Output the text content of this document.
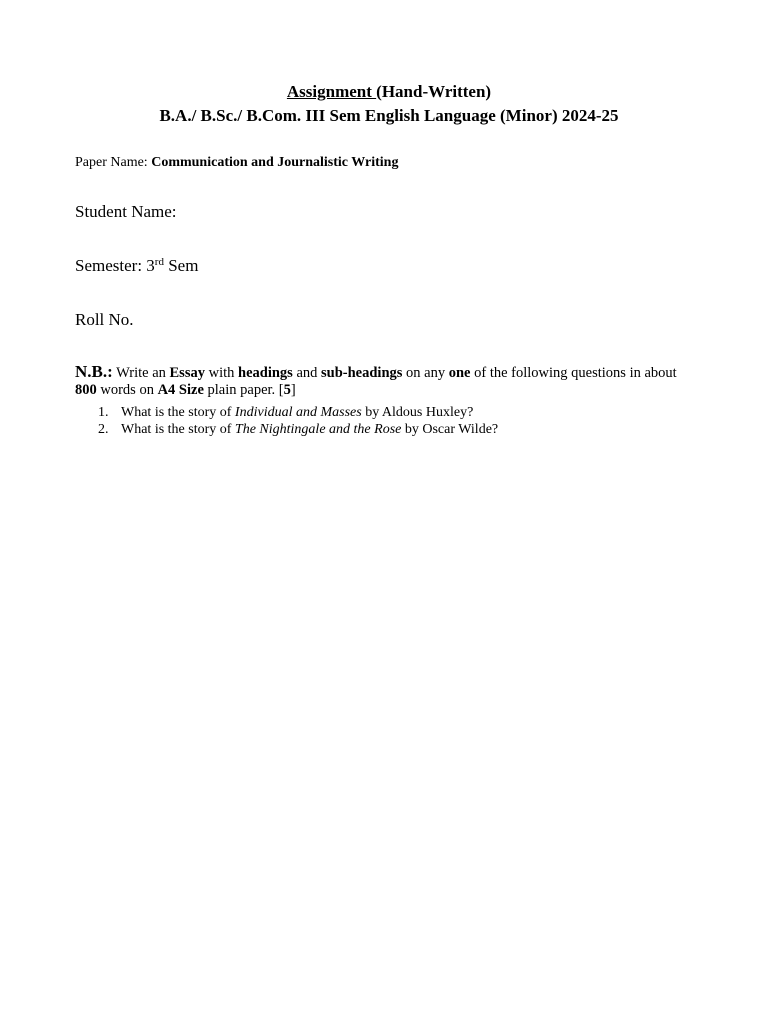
Assignment (Hand-Written)
B.A./ B.Sc./ B.Com. III Sem English Language (Minor) 2024-25
Paper Name: Communication and Journalistic Writing
Student Name:
Semester: 3rd Sem
Roll No.
N.B.: Write an Essay with headings and sub-headings on any one of the following questions in about 800 words on A4 Size plain paper. [5]
1. What is the story of Individual and Masses by Aldous Huxley?
2. What is the story of The Nightingale and the Rose by Oscar Wilde?
